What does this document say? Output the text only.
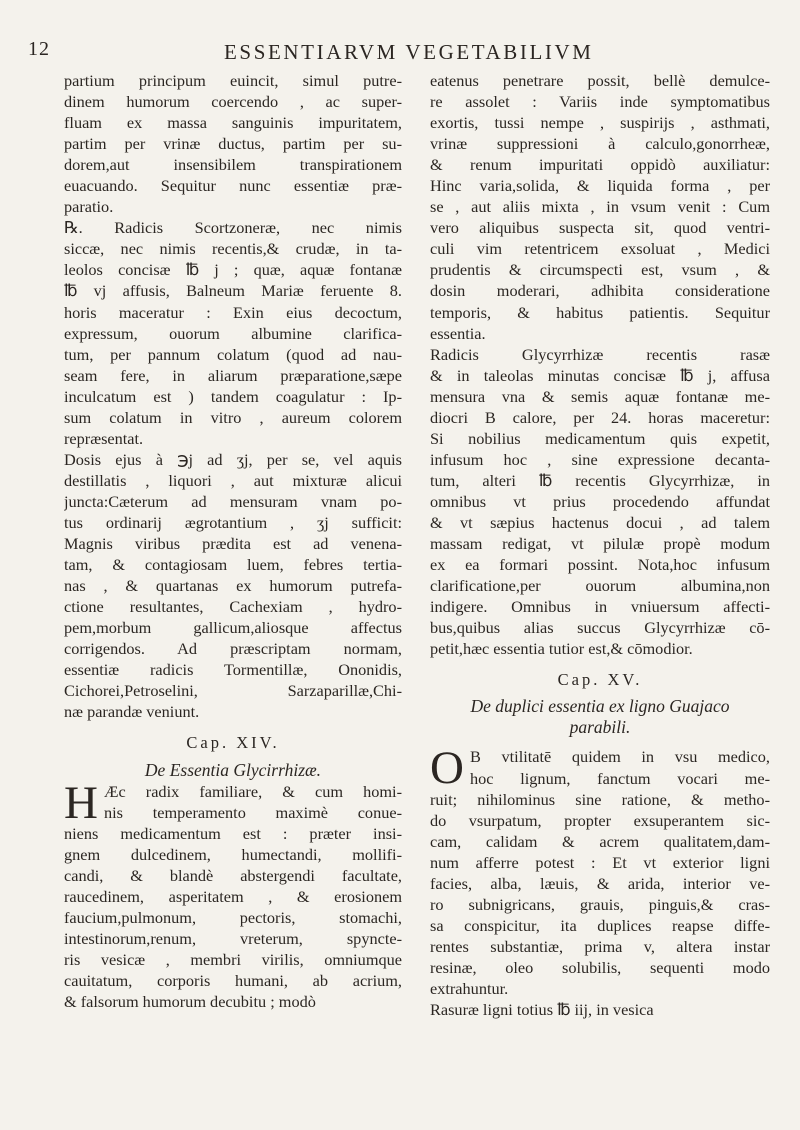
12	ESSENTIARVM VEGETABILIVM
partium principum euincit, simul putre-
dinem humorum coercendo , ac super-
fluam ex massa sanguinis impuritatem,
partim per vrinæ ductus, partim per su-
dorem,aut insensibilem transpirationem
euacuando. Sequitur nunc essentiæ præ-
paratio.
℞. Radicis Scortzoneræ, nec nimis
siccæ, nec nimis recentis,& crudæ, in ta-
leolos concisæ ℔ j ; quæ, aquæ fontanæ
℔ vj affusis, Balneum Mariæ feruente 8.
horis maceratur : Exin eius decoctum,
expressum, ouorum albumine clarifica-
tum, per pannum colatum (quod ad nau-
seam fere, in aliarum præparatione,sæpe
inculcatum est ) tandem coagulatur : Ip-
sum colatum in vitro , aureum colorem
repræsentat.
Dosis ejus à ℈j ad ʒj, per se, vel aquis
destillatis , liquori , aut mixturæ alicui
juncta:Cæterum ad mensuram vnam po-
tus ordinarij ægrotantium , ʒj sufficit:
Magnis viribus prædita est ad venena-
tam, & contagiosam luem, febres tertia-
nas , & quartanas ex humorum putrefa-
ctione resultantes, Cachexiam , hydro-
pem,morbum gallicum,aliosque affectus
corrigendos. Ad præscriptam normam,
essentiæ radicis Tormentillæ, Ononidis,
Cichorei,Petroselini, Sarzaparillæ,Chi-
næ parandæ veniunt.
Cap. XIV.
De Essentia Glycirrhizæ.
H Æc radix familiare, & cum homi-
nis temperamento maximè conue-
niens medicamentum est : præter insi-
gnem dulcedinem, humectandi, mollifi-
candi, & blandè abstergendi facultate,
raucedinem, asperitatem , & erosionem
faucium,pulmonum, pectoris, stomachi,
intestinorum,renum, vreterum, spyncte-
ris vesicæ , membri virilis, omniumque
cauitatum, corporis humani, ab acrium,
& falsorum humorum decubitu ; modò
eatenus penetrare possit, bellè demulce-
re assolet : Variis inde symptomatibus
exortis, tussi nempe , suspirijs , asthmati,
vrinæ suppressioni à calculo,gonorrheæ,
& renum impuritati oppidò auxiliatur:
Hinc varia,solida, & liquida forma , per
se , aut aliis mixta , in vsum venit : Cum
vero aliquibus suspecta sit, quod ventri-
culi vim retentricem exsoluat , Medici
prudentis & circumspecti est, vsum , &
dosin moderari, adhibita consideratione
temporis, & habitus patientis. Sequitur
essentia.
Radicis Glycyrrhizæ recentis rasæ
& in taleolas minutas concisæ ℔ j, affusa
mensura vna & semis aquæ fontanæ me-
diocri B calore, per 24. horas maceretur:
Si nobilius medicamentum quis expetit,
infusum hoc , sine expressione decanta-
tum, alteri ℔ recentis Glycyrrhizæ, in
omnibus vt prius procedendo affundat
& vt sæpius hactenus docui , ad talem
massam redigat, vt pilulæ propè modum
ex ea formari possint. Nota,hoc infusum
clarificatione,per ouorum albumina,non
indigere. Omnibus in vniuersum affecti-
bus,quibus alias succus Glycyrrhizæ cō-
petit,hæc essentia tutior est,& cōmodior.
Cap. XV.
De duplici essentia ex ligno Guajaco
parabili.
O B vtilitatē quidem in vsu medico,
hoc lignum, fanctum vocari me-
ruit; nihilominus sine ratione, & metho-
do vsurpatum, propter exsuperantem sic-
cam, calidam & acrem qualitatem,dam-
num afferre potest : Et vt exterior ligni
facies, alba, læuis, & arida, interior ve-
ro subnigricans, grauis, pinguis,& cras-
sa conspicitur, ita duplices reapse diffe-
rentes substantiæ, prima v, altera instar
resinæ, oleo solubilis, sequenti modo
extrahuntur.
Rasuræ ligni totius ℔ iij, in vesica
